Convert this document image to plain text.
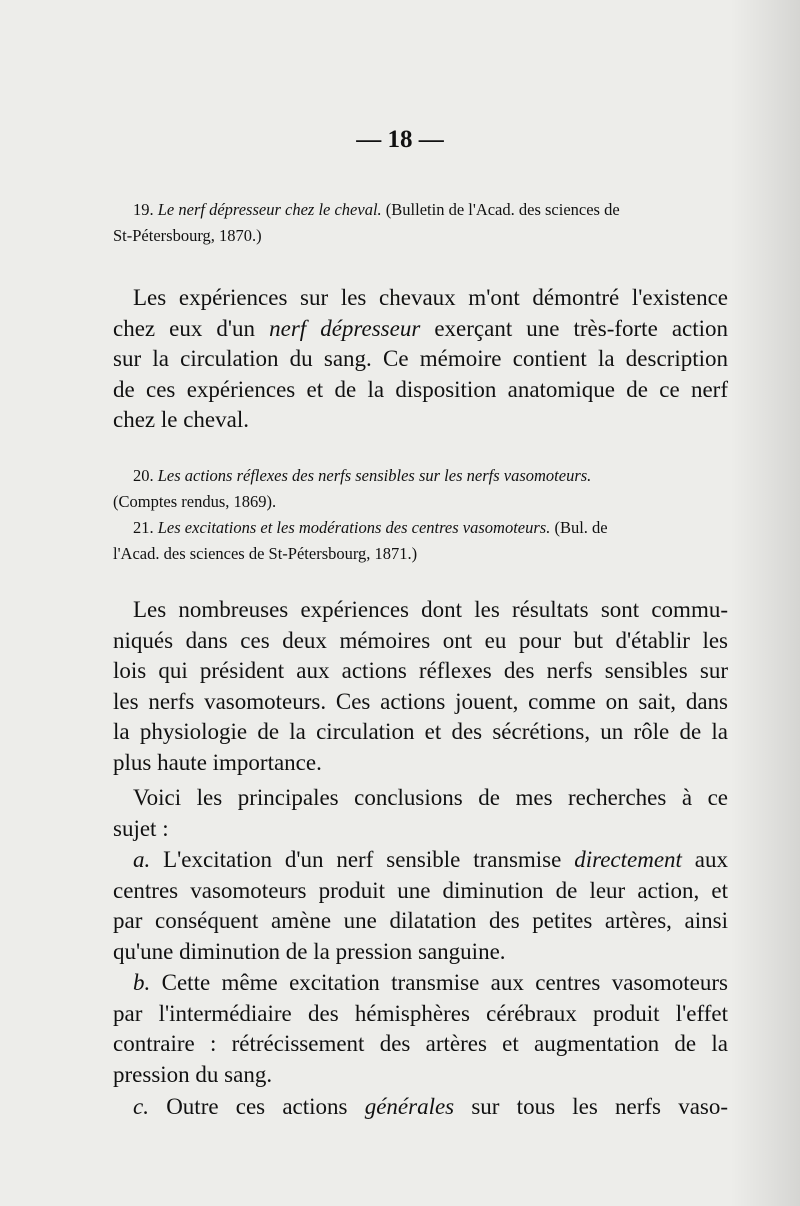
— 18 —
19. Le nerf dépresseur chez le cheval. (Bulletin de l'Acad. des sciences de
St-Pétersbourg, 1870.)
Les expériences sur les chevaux m'ont démontré l'existence
chez eux d'un nerf dépresseur exerçant une très-forte action
sur la circulation du sang. Ce mémoire contient la description
de ces expériences et de la disposition anatomique de ce nerf
chez le cheval.
20. Les actions réflexes des nerfs sensibles sur les nerfs vasomoteurs.
(Comptes rendus, 1869).
21. Les excitations et les modérations des centres vasomoteurs. (Bul. de
l'Acad. des sciences de St-Pétersbourg, 1871.)
Les nombreuses expériences dont les résultats sont commu-
niqués dans ces deux mémoires ont eu pour but d'établir les
lois qui président aux actions réflexes des nerfs sensibles sur
les nerfs vasomoteurs. Ces actions jouent, comme on sait, dans
la physiologie de la circulation et des sécrétions, un rôle de la
plus haute importance.
Voici les principales conclusions de mes recherches à ce
sujet :
a. L'excitation d'un nerf sensible transmise directement aux
centres vasomoteurs produit une diminution de leur action, et
par conséquent amène une dilatation des petites artères, ainsi
qu'une diminution de la pression sanguine.
b. Cette même excitation transmise aux centres vasomoteurs
par l'intermédiaire des hémisphères cérébraux produit l'effet
contraire : rétrécissement des artères et augmentation de la
pression du sang.
c. Outre ces actions générales sur tous les nerfs vaso-
